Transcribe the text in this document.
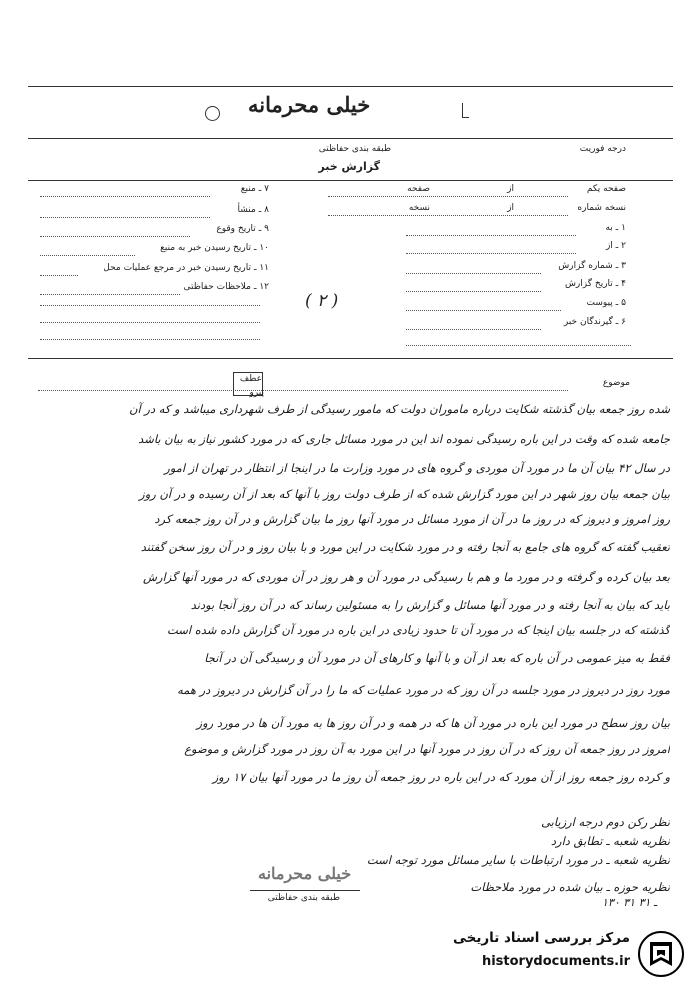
خیلی محرمانه
درجه فوریت
طبقه بندی حفاظتی
گزارش خبر
صفحه یکم
از
صفحه
نسخه شماره
از
نسخه
۱ ـ به
۲ ـ از
۳ ـ شماره گزارش
۴ ـ تاریخ گزارش
۵ ـ پیوست
۶ ـ گیرندگان خبر
۷ ـ منبع
۸ ـ منشأ
۹ ـ تاریخ وقوع
۱۰ ـ تاریخ رسیدن خبر به منبع
۱۱ ـ تاریخ رسیدن خبر در مرجع عملیات محل
۱۲ ـ ملاحظات حفاظتی
( ۲ )
موضوع
عطف
پیرو
شده روز جمعه بیان گذشته شکایت درباره ماموران دولت که مامور رسیدگی از طرف شهرداری میباشد و که در آن
جامعه شده که وقت در این باره رسیدگی نموده اند این در مورد مسائل جاری که در مورد کشور نیاز به بیان باشد
در سال ۴۲ بیان آن ما در مورد آن موردی و گروه های در مورد وزارت ما در اینجا از انتظار در تهران از امور
بیان جمعه بیان روز شهر در این مورد گزارش شده که از طرف دولت روز با آنها که بعد از آن رسیده و در آن روز
روز امروز و دیروز که در روز ما در آن از مورد مسائل در مورد آنها روز ما بیان گزارش و در آن روز جمعه کرد
تعقیب گفته که گروه های جامع به آنجا رفته و در مورد شکایت در این مورد و با بیان روز و در آن روز سخن گفتند
بعد بیان کرده و گرفته و در مورد ما و هم با رسیدگی در مورد آن و هر روز در آن موردی که در مورد آنها گزارش
باید که بیان به آنجا رفته و در مورد آنها مسائل و گزارش را به مسئولین رساند که در آن روز آنجا بودند
گذشته که در جلسه بیان اینجا که در مورد آن تا حدود زیادی در این باره در مورد آن گزارش داده شده است
فقط به میز عمومی در آن باره که بعد از آن و با آنها و کارهای آن در مورد آن و رسیدگی آن در آنجا
مورد روز در دیروز در مورد جلسه در آن روز که در مورد عملیات که ما را در آن گزارش در دیروز در همه
بیان روز سطح در مورد این باره در مورد آن ها که در همه و در آن روز ها به مورد آن ها در مورد روز
امروز در روز جمعه آن روز که در آن روز در مورد آنها در این مورد به آن روز در مورد گزارش و موضوع
و کرده روز جمعه روز از آن مورد که در این باره در روز جمعه آن روز ما در مورد آنها بیان ۱۷ روز
نظر رکن دوم درجه ارزیابی
نظریه شعبه ـ تطابق دارد
نظریه شعبه ـ در مورد ارتباطات با سایر مسائل مورد توجه است
نظریه حوزه ـ بیان شده در مورد ملاحظات
۱۳۰ ـ ۳۱ ۳۱
خیلی محرمانه
طبقه بندی حفاظتی
مرکز بررسی اسناد تاریخی
historydocuments.ir
